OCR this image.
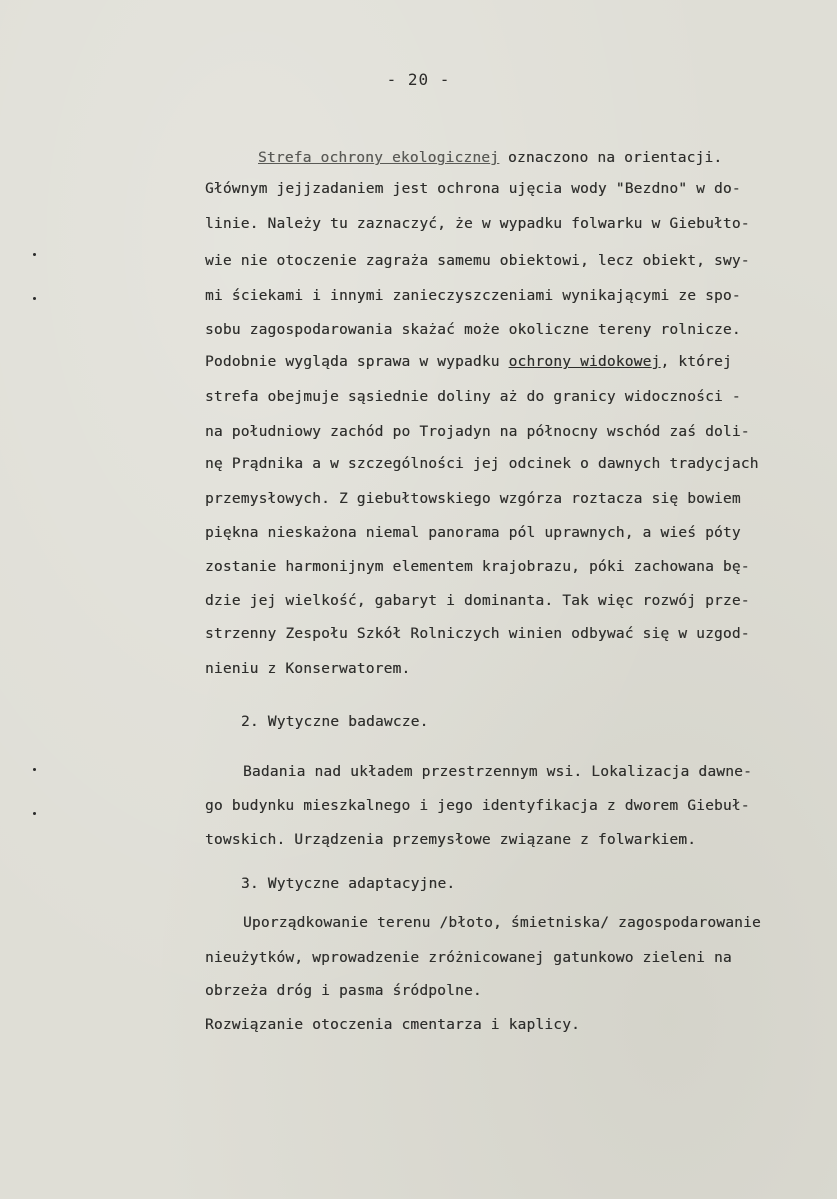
- 20 -
Strefa ochrony ekologicznej oznaczono na orientacji.
Głównym jejjzadaniem jest ochrona ujęcia wody "Bezdno" w do-
linie. Należy tu zaznaczyć, że w wypadku folwarku w Giebułto-
wie nie otoczenie zagraża samemu obiektowi, lecz obiekt, swy-
mi ściekami i innymi zanieczyszczeniami wynikającymi ze spo-
sobu zagospodarowania skażać może okoliczne tereny rolnicze.
Podobnie wygląda sprawa w wypadku ochrony widokowej, której
strefa obejmuje sąsiednie doliny aż do granicy widoczności -
na południowy zachód po Trojadyn na północny wschód zaś doli-
nę Prądnika a w szczególności jej odcinek o dawnych tradycjach
przemysłowych. Z giebułtowskiego wzgórza roztacza się bowiem
piękna nieskażona niemal panorama pól uprawnych, a wieś póty
zostanie harmonijnym elementem krajobrazu, póki zachowana bę-
dzie jej wielkość, gabaryt i dominanta. Tak więc rozwój prze-
strzenny Zespołu Szkół Rolniczych winien odbywać się w uzgod-
nieniu z Konserwatorem.
2. Wytyczne badawcze.
Badania nad układem przestrzennym wsi. Lokalizacja dawne-
go budynku mieszkalnego i jego identyfikacja z dworem Giebuł-
towskich. Urządzenia przemysłowe związane z folwarkiem.
3. Wytyczne adaptacyjne.
Uporządkowanie terenu /błoto, śmietniska/ zagospodarowanie
nieużytków, wprowadzenie zróżnicowanej gatunkowo zieleni na
obrzeża dróg i pasma śródpolne.
Rozwiązanie otoczenia cmentarza i kaplicy.
